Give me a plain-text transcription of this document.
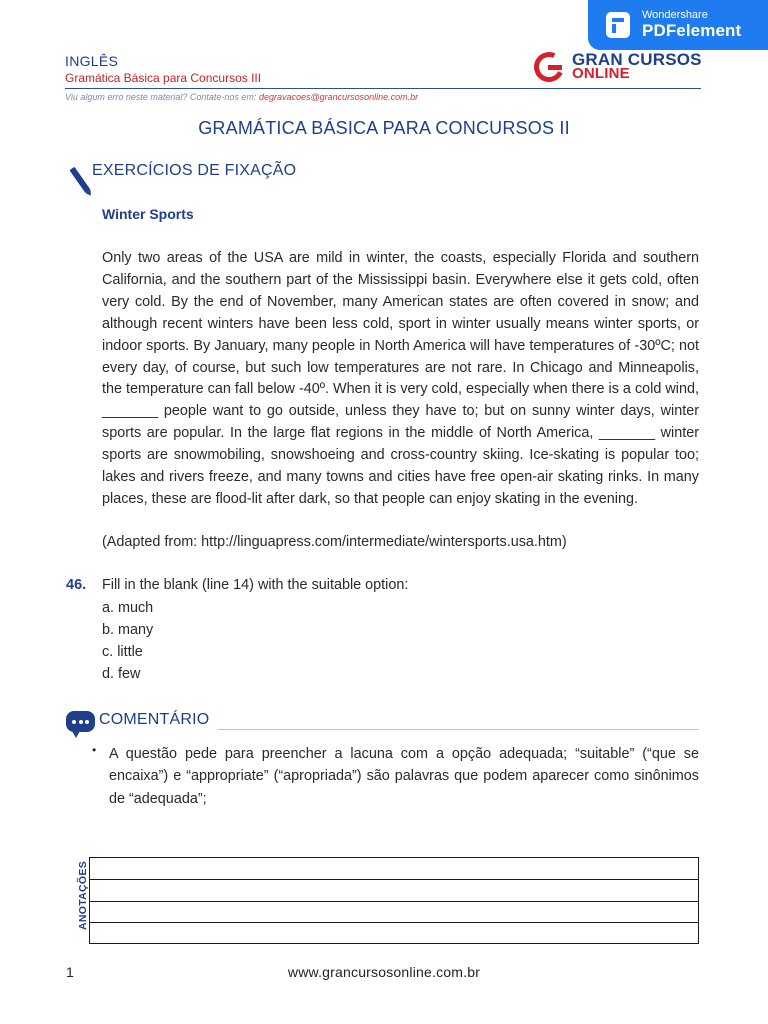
Wondershare
PDFelement
INGLÊS
Gramática Básica para Concursos III
Viu algum erro neste material? Contate-nos em: degravacoes@grancursosonline.com.br
GRAN CURSOS
ONLINE
GRAMÁTICA BÁSICA PARA CONCURSOS II
EXERCÍCIOS DE FIXAÇÃO
Winter Sports

Only two areas of the USA are mild in winter, the coasts, especially Florida and southern California, and the southern part of the Mississippi basin. Everywhere else it gets cold, often very cold. By the end of November, many American states are often covered in snow; and although recent winters have been less cold, sport in winter usually means winter sports, or indoor sports. By January, many people in North America will have temperatures of -30ºC; not every day, of course, but such low temperatures are not rare. In Chicago and Minneapolis, the temperature can fall below -40º. When it is very cold, especially when there is a cold wind, _______ people want to go outside, unless they have to; but on sunny winter days, winter sports are popular. In the large flat regions in the middle of North America, _______ winter sports are snowmobiling, snowshoeing and cross-country skiing. Ice-skating is popular too; lakes and rivers freeze, and many towns and cities have free open-air skating rinks. In many places, these are flood-lit after dark, so that people can enjoy skating in the evening.

(Adapted from: http://linguapress.com/intermediate/wintersports.usa.htm)
46. Fill in the blank (line 14) with the suitable option:
a. much
b. many
c. little
d. few
COMENTÁRIO
• A questão pede para preencher a lacuna com a opção adequada; “suitable” (“que se encaixa”) e “appropriate” (“apropriada”) são palavras que podem aparecer como sinônimos de “adequada”;

ANOTAÇÕES
1	www.grancursosonline.com.br
